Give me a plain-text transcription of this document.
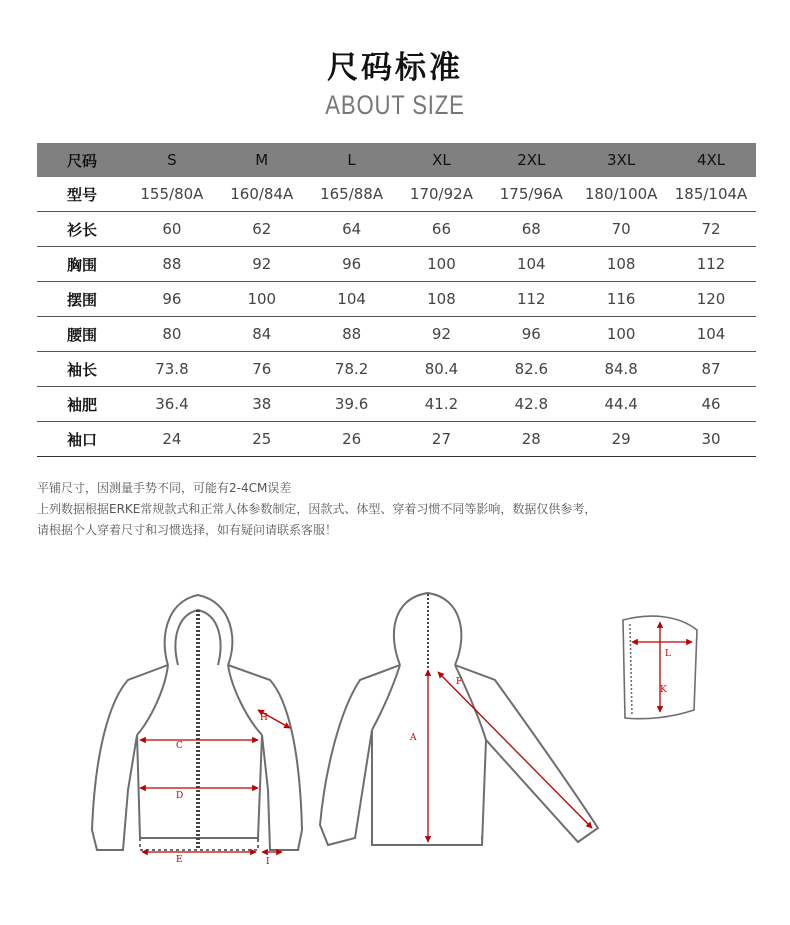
尺码标准
ABOUT SIZE
尺码	S	M	L	XL	2XL	3XL	4XL
型号	155/80A	160/84A	165/88A	170/92A	175/96A	180/100A	185/104A
衫长	60	62	64	66	68	70	72
胸围	88	92	96	100	104	108	112
摆围	96	100	104	108	112	116	120
腰围	80	84	88	92	96	100	104
袖长	73.8	76	78.2	80.4	82.6	84.8	87
袖肥	36.4	38	39.6	41.2	42.8	44.4	46
袖口	24	25	26	27	28	29	30
平铺尺寸，因测量手势不同，可能有2-4CM误差
上列数据根据ERKE常规款式和正常人体参数制定，因款式、体型、穿着习惯不同等影响，数据仅供参考，
请根据个人穿着尺寸和习惯选择，如有疑问请联系客服！
C
D
E
H
I
A
F
L
K
